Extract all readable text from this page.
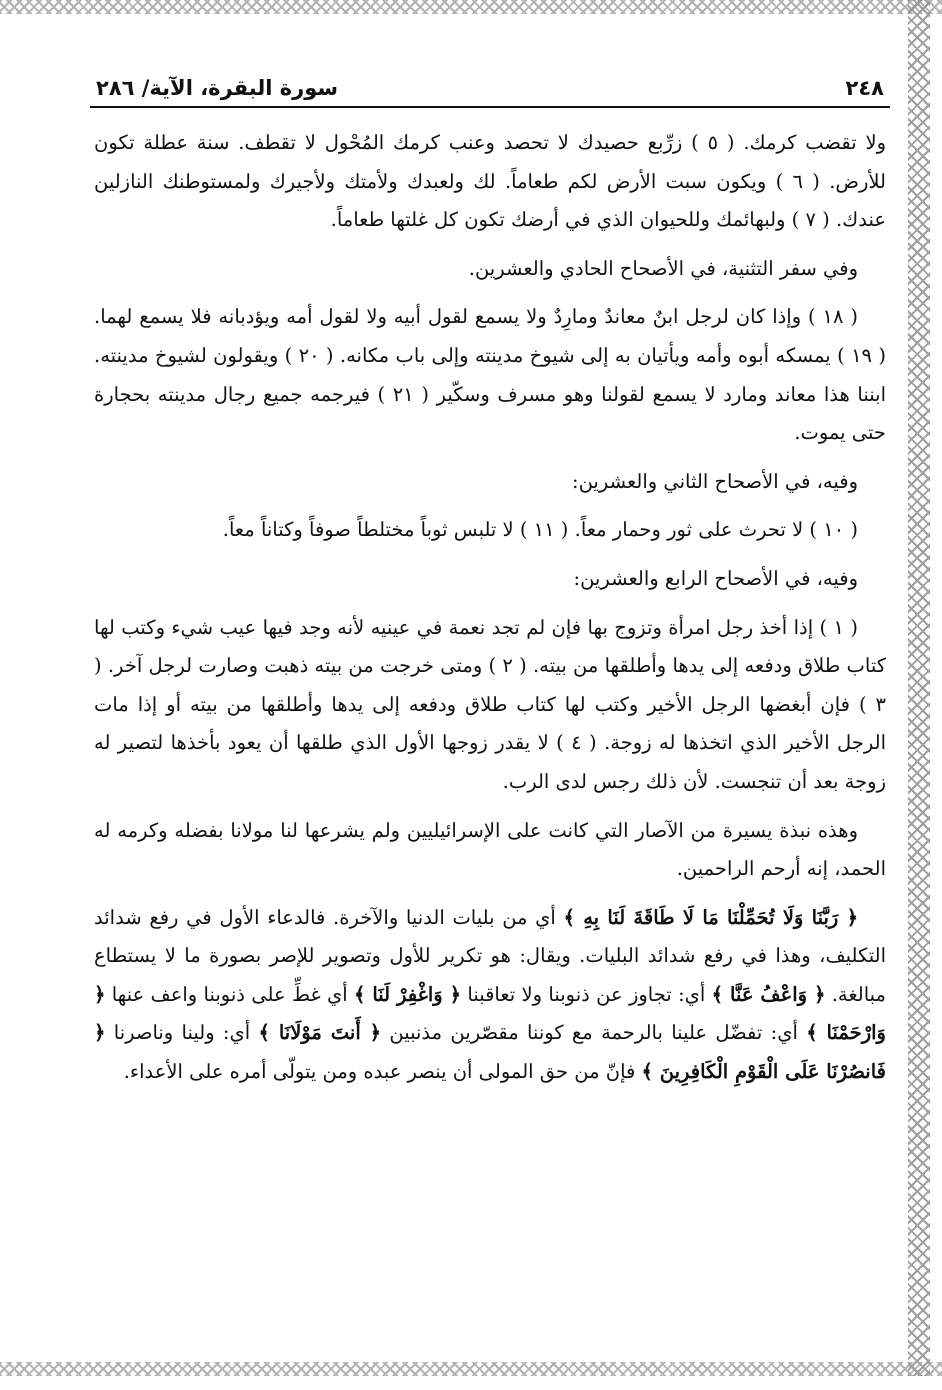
٢٤٨
سورة البقرة، الآية/ ٢٨٦

ولا تقضب كرمك. ( ٥ ) زرِّبع حصيدك لا تحصد وعنب كرمك المُحْول لا تقطف. سنة عطلة تكون للأرض. ( ٦ ) ويكون سبت الأرض لكم طعاماً. لك ولعبدك ولأمتك ولأجيرك ولمستوطنك النازلين عندك. ( ٧ ) ولبهائمك وللحيوان الذي في أرضك تكون كل غلتها طعاماً.

وفي سفر التثنية، في الأصحاح الحادي والعشرين.

( ١٨ ) وإذا كان لرجل ابنٌ معاندٌ ومارِدٌ ولا يسمع لقول أبيه ولا لقول أمه ويؤدبانه فلا يسمع لهما. ( ١٩ ) يمسكه أبوه وأمه ويأتيان به إلى شيوخ مدينته وإلى باب مكانه. ( ٢٠ ) ويقولون لشيوخ مدينته. ابننا هذا معاند ومارد لا يسمع لقولنا وهو مسرف وسكّير ( ٢١ ) فيرجمه جميع رجال مدينته بحجارة حتى يموت.

وفيه، في الأصحاح الثاني والعشرين:

( ١٠ ) لا تحرث على ثور وحمار معاً. ( ١١ ) لا تلبس ثوباً مختلطاً صوفاً وكتاناً معاً.

وفيه، في الأصحاح الرابع والعشرين:

( ١ ) إذا أخذ رجل امرأة وتزوج بها فإن لم تجد نعمة في عينيه لأنه وجد فيها عيب شيء وكتب لها كتاب طلاق ودفعه إلى يدها وأطلقها من بيته. ( ٢ ) ومتى خرجت من بيته ذهبت وصارت لرجل آخر. ( ٣ ) فإن أبغضها الرجل الأخير وكتب لها كتاب طلاق ودفعه إلى يدها وأطلقها من بيته أو إذا مات الرجل الأخير الذي اتخذها له زوجة. ( ٤ ) لا يقدر زوجها الأول الذي طلقها أن يعود بأخذها لتصير له زوجة بعد أن تنجست. لأن ذلك رجس لدى الرب.

وهذه نبذة يسيرة من الآصار التي كانت على الإسرائيليين ولم يشرعها لنا مولانا بفضله وكرمه له الحمد، إنه أرحم الراحمين.

﴿ رَبَّنَا وَلَا تُحَمِّلْنَا مَا لَا طَاقَةَ لَنَا بِهِ ﴾ أي من بليات الدنيا والآخرة. فالدعاء الأول في رفع شدائد التكليف، وهذا في رفع شدائد البليات. ويقال: هو تكرير للأول وتصوير للإصر بصورة ما لا يستطاع مبالغة. ﴿ وَاعْفُ عَنَّا ﴾ أي: تجاوز عن ذنوبنا ولا تعاقبنا ﴿ وَاغْفِرْ لَنَا ﴾ أي غطِّ على ذنوبنا واعف عنها ﴿ وَارْحَمْنَا ﴾ أي: تفضّل علينا بالرحمة مع كوننا مقصّرين مذنبين ﴿ أَنتَ مَوْلَانَا ﴾ أي: ولينا وناصرنا ﴿ فَانصُرْنَا عَلَى الْقَوْمِ الْكَافِرِينَ ﴾ فإنّ من حق المولى أن ينصر عبده ومن يتولّى أمره على الأعداء.
